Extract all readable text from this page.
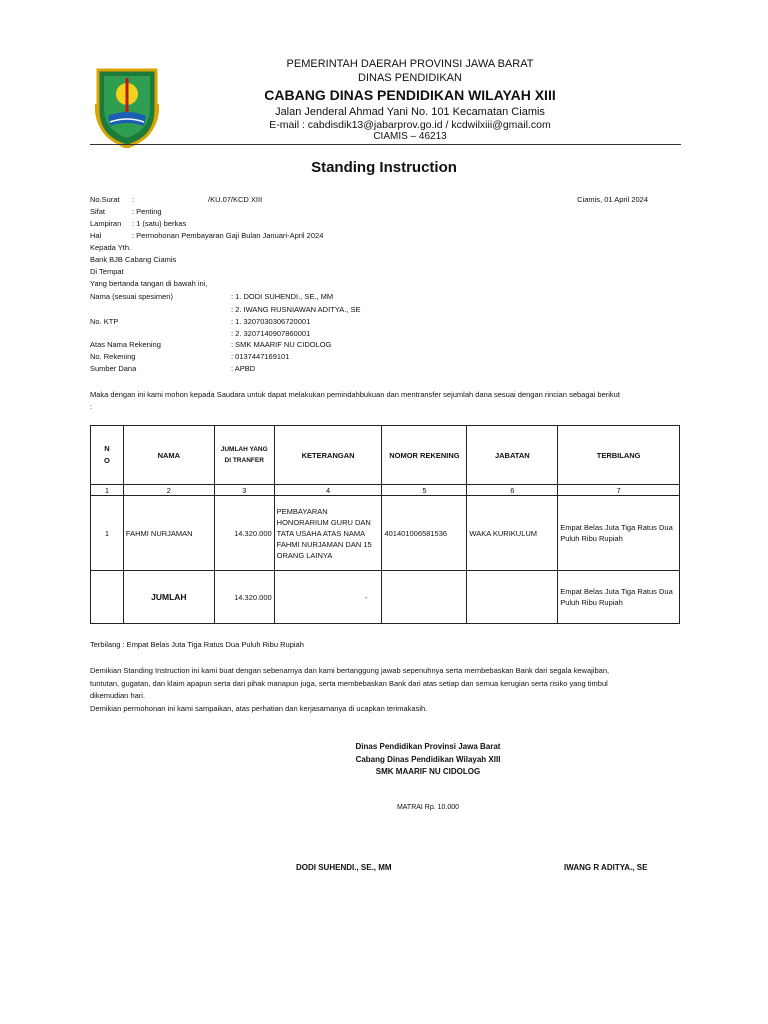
PEMERINTAH DAERAH PROVINSI JAWA BARAT
DINAS PENDIDIKAN
CABANG DINAS PENDIDIKAN WILAYAH XIII
Jalan Jenderal Ahmad Yani No. 101 Kecamatan Ciamis
E-mail : cabdisdik13@jabarprov.go.id / kcdwilxiii@gmail.com
CIAMIS – 46213
Standing Instruction
No.Surat :	/KU.07/KCD XIII	Ciamis, 01 April 2024
Sifat	: Penting
Lampiran : 1 (satu) berkas
Hal	: Permohonan Pembayaran Gaji Bulan Januari-April 2024
Kepada Yth.
Bank BJB Cabang Ciamis
Di Tempat
Yang bertanda tangan di bawah ini,
Nama (sesuai spesimen)	: 1. DODI SUHENDI., SE., MM
: 2. IWANG RUSNIAWAN ADITYA., SE
No. KTP	: 1. 3207030306720001
: 2. 3207140907860001
Atas Nama Rekening	: SMK MAARIF NU CIDOLOG
No. Rekening	: 0137447169101
Sumber Dana	: APBD
Maka dengan ini kami mohon kepada Saudara untuk dapat melakukan pemindahbukuan dan mentransfer sejumlah dana sesuai dengan rincian sebagai berikut
:
N O	NAMA	JUMLAH YANG DI TRANFER	KETERANGAN	NOMOR REKENING	JABATAN	TERBILANG
1	2	3	4	5	6	7
1	FAHMI NURJAMAN	14.320.000	PEMBAYARAN HONORARIUM GURU DAN TATA USAHA ATAS NAMA FAHMI NURJAMAN DAN 15 ORANG LAINYA	401401006581536	WAKA KURIKULUM	Empat Belas Juta Tiga Ratus Dua Puluh Ribu Rupiah
	JUMLAH	14.320.000	-			Empat Belas Juta Tiga Ratus Dua Puluh Ribu Rupiah
Terbilang : Empat Belas Juta Tiga Ratus Dua Puluh Ribu Rupiah
Demikian Standing Instruction ini kami buat dengan sebenarnya dan kami bertanggung jawab sepenuhnya serta membebaskan Bank dari segala kewajiban,
tuntutan, gugatan, dan klaim apapun serta dari pihak manapun juga, serta membebaskan Bank dari atas setiap dan semua kerugian serta risiko yang timbul
dikemudian hari.
Demikian permohonan ini kami sampaikan, atas perhatian dan kerjasamanya di ucapkan terimakasih.
Dinas Pendidikan Provinsi Jawa Barat
Cabang Dinas Pendidikan Wilayah XIII
SMK MAARIF NU CIDOLOG
MATRAI Rp. 10.000
DODI SUHENDI., SE., MM	IWANG R ADITYA., SE
